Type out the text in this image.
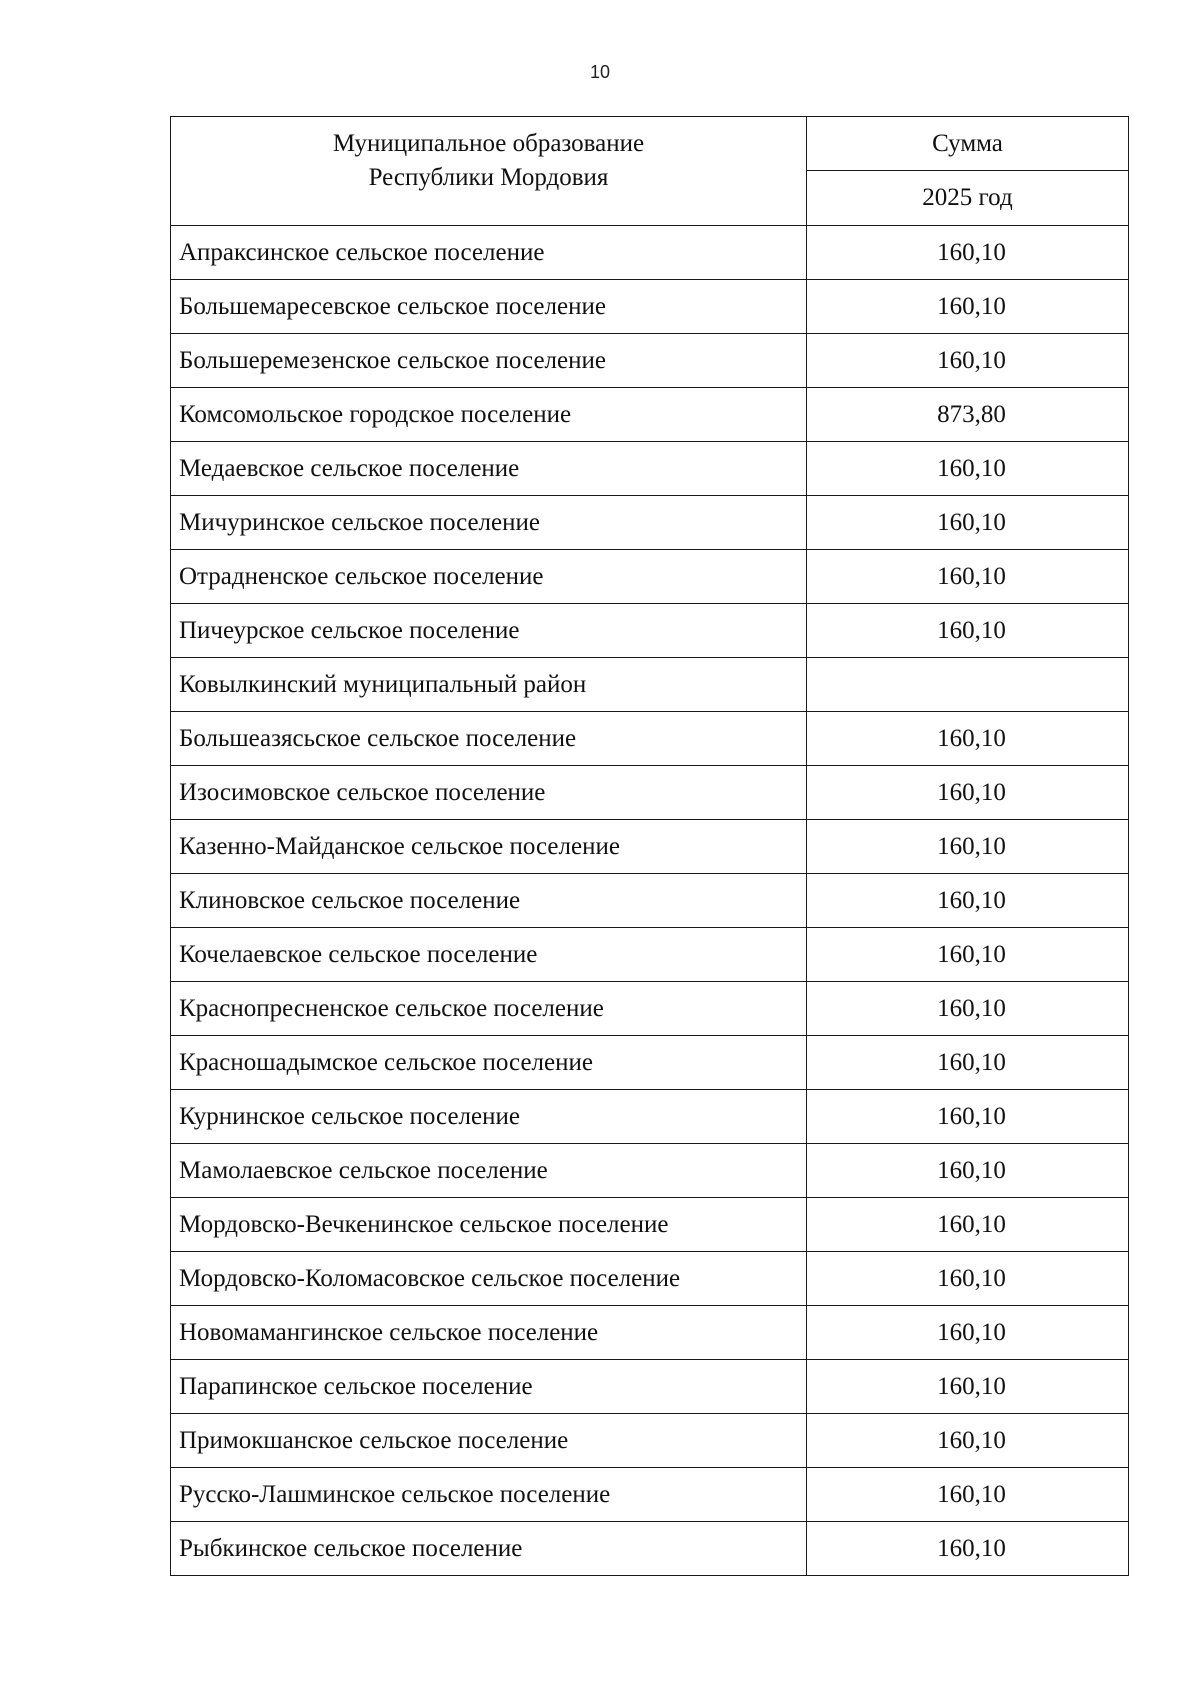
10
Муниципальное образование
Республики Мордовия	Сумма
	2025 год
Апраксинское сельское поселение	160,10
Большемаресевское сельское поселение	160,10
Большеремезенское сельское поселение	160,10
Комсомольское городское поселение	873,80
Медаевское сельское поселение	160,10
Мичуринское сельское поселение	160,10
Отрадненское сельское поселение	160,10
Пичеурское сельское поселение	160,10
Ковылкинский муниципальный район	
Большеазясьское сельское поселение	160,10
Изосимовское сельское поселение	160,10
Казенно-Майданское сельское поселение	160,10
Клиновское сельское поселение	160,10
Кочелаевское сельское поселение	160,10
Краснопресненское сельское поселение	160,10
Красношадымское сельское поселение	160,10
Курнинское сельское поселение	160,10
Мамолаевское сельское поселение	160,10
Мордовско-Вечкенинское сельское поселение	160,10
Мордовско-Коломасовское сельское поселение	160,10
Новомамангинское сельское поселение	160,10
Парапинское сельское поселение	160,10
Примокшанское сельское поселение	160,10
Русско-Лашминское сельское поселение	160,10
Рыбкинское сельское поселение	160,10
